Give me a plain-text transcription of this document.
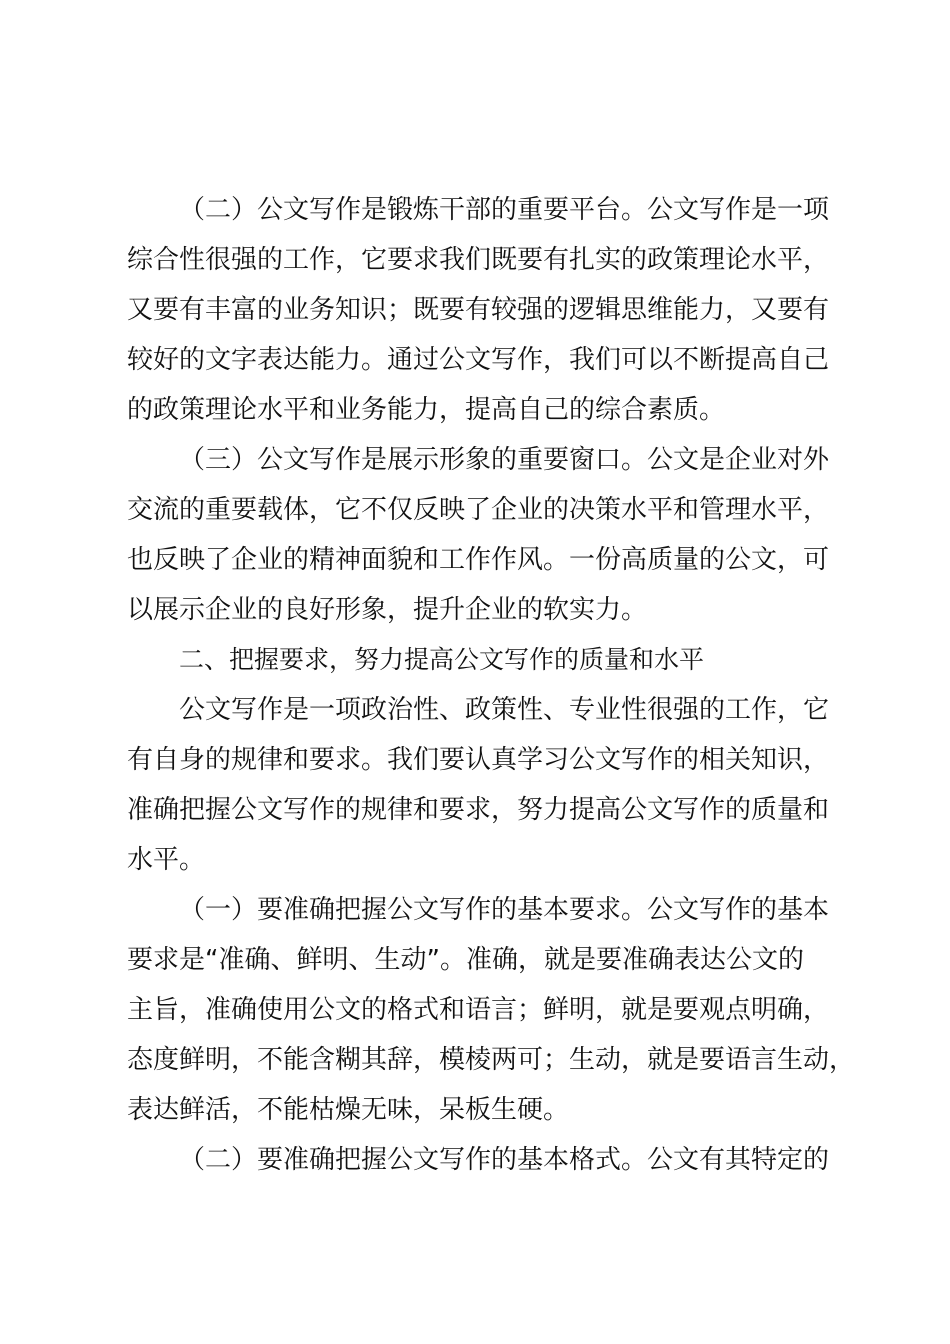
（二）公文写作是锻炼干部的重要平台。公文写作是一项
综合性很强的工作，它要求我们既要有扎实的政策理论水平，
又要有丰富的业务知识；既要有较强的逻辑思维能力，又要有
较好的文字表达能力。通过公文写作，我们可以不断提高自己
的政策理论水平和业务能力，提高自己的综合素质。
（三）公文写作是展示形象的重要窗口。公文是企业对外
交流的重要载体，它不仅反映了企业的决策水平和管理水平，
也反映了企业的精神面貌和工作作风。一份高质量的公文，可
以展示企业的良好形象，提升企业的软实力。
二、把握要求，努力提高公文写作的质量和水平
公文写作是一项政治性、政策性、专业性很强的工作，它
有自身的规律和要求。我们要认真学习公文写作的相关知识，
准确把握公文写作的规律和要求，努力提高公文写作的质量和
水平。
（一）要准确把握公文写作的基本要求。公文写作的基本
要求是“准确、鲜明、生动”。准确，就是要准确表达公文的
主旨，准确使用公文的格式和语言；鲜明，就是要观点明确，
态度鲜明，不能含糊其辞，模棱两可；生动，就是要语言生动，
表达鲜活，不能枯燥无味，呆板生硬。
（二）要准确把握公文写作的基本格式。公文有其特定的
